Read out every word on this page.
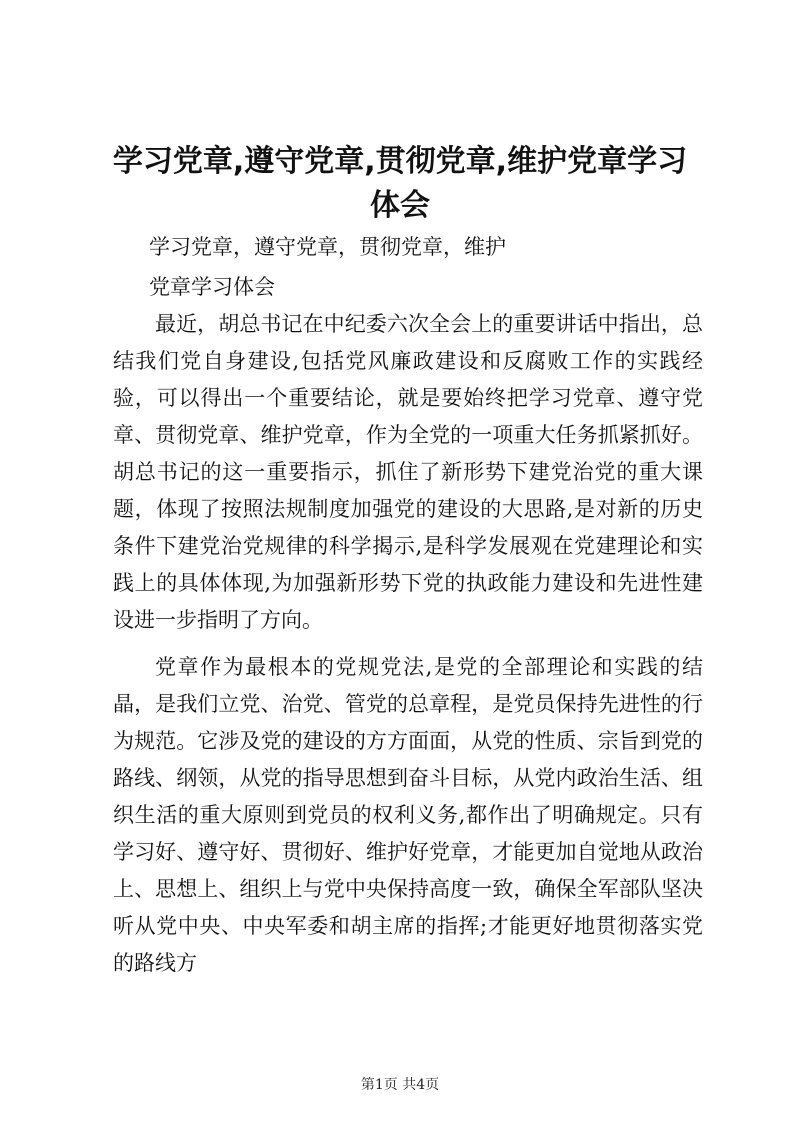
学习党章,遵守党章,贯彻党章,维护党章学习
体会

学习党章，遵守党章，贯彻党章，维护

党章学习体会

最近，胡总书记在中纪委六次全会上的重要讲话中指出，总结我们党自身建设,包括党风廉政建设和反腐败工作的实践经验，可以得出一个重要结论，就是要始终把学习党章、遵守党章、贯彻党章、维护党章，作为全党的一项重大任务抓紧抓好。胡总书记的这一重要指示，抓住了新形势下建党治党的重大课题，体现了按照法规制度加强党的建设的大思路,是对新的历史条件下建党治党规律的科学揭示,是科学发展观在党建理论和实践上的具体体现,为加强新形势下党的执政能力建设和先进性建设进一步指明了方向。

党章作为最根本的党规党法,是党的全部理论和实践的结晶，是我们立党、治党、管党的总章程，是党员保持先进性的行为规范。它涉及党的建设的方方面面，从党的性质、宗旨到党的路线、纲领，从党的指导思想到奋斗目标，从党内政治生活、组织生活的重大原则到党员的权利义务,都作出了明确规定。只有学习好、遵守好、贯彻好、维护好党章，才能更加自觉地从政治上、思想上、组织上与党中央保持高度一致，确保全军部队坚决听从党中央、中央军委和胡主席的指挥;才能更好地贯彻落实党的路线方

第1页 共4页
